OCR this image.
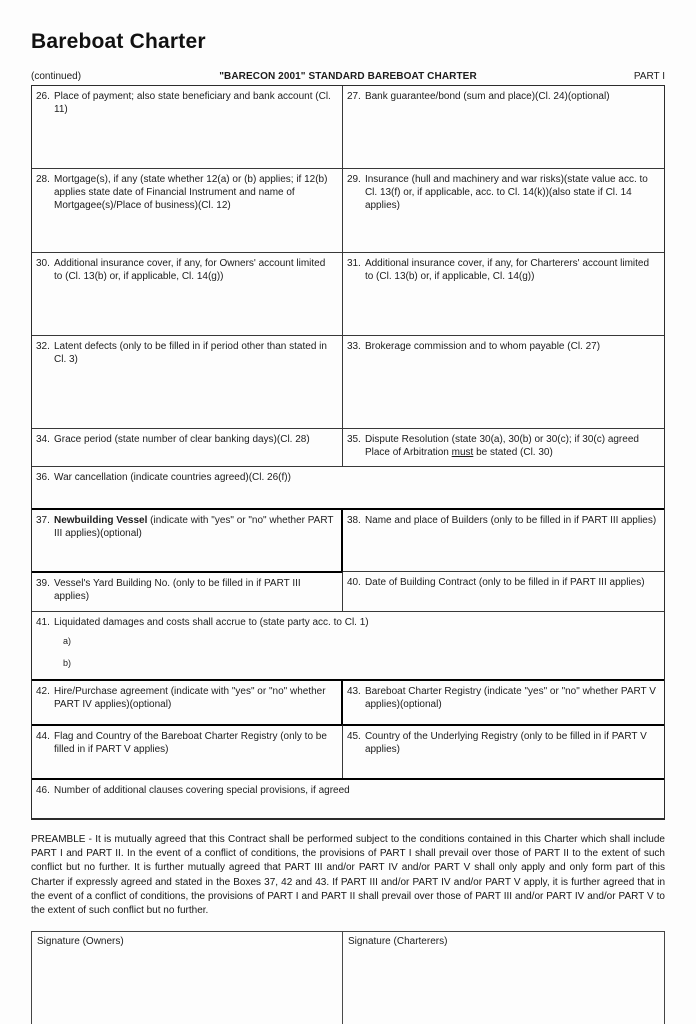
Bareboat Charter
(continued)	"BARECON 2001" STANDARD BAREBOAT CHARTER	PART I
26. Place of payment; also state beneficiary and bank account (Cl. 11)
27. Bank guarantee/bond (sum and place)(Cl. 24)(optional)
28. Mortgage(s), if any (state whether 12(a) or (b) applies; if 12(b) applies state date of Financial Instrument and name of Mortgagee(s)/Place of business)(Cl. 12)
29. Insurance (hull and machinery and war risks)(state value acc. to Cl. 13(f) or, if applicable, acc. to Cl. 14(k))(also state if Cl. 14 applies)
30. Additional insurance cover, if any, for Owners' account limited to (Cl. 13(b) or, if applicable, Cl. 14(g))
31. Additional insurance cover, if any, for Charterers' account limited to (Cl. 13(b) or, if applicable, Cl. 14(g))
32. Latent defects (only to be filled in if period other than stated in Cl. 3)
33. Brokerage commission and to whom payable (Cl. 27)
34. Grace period (state number of clear banking days)(Cl. 28)	35. Dispute Resolution (state 30(a), 30(b) or 30(c); if 30(c) agreed Place of Arbitration must be stated (Cl. 30)
36. War cancellation (indicate countries agreed)(Cl. 26(f))
37. Newbuilding Vessel (indicate with "yes" or "no" whether PART III applies)(optional)
38. Name and place of Builders (only to be filled in if PART III applies)
39. Vessel's Yard Building No. (only to be filled in if PART III applies)
40. Date of Building Contract (only to be filled in if PART III applies)
41. Liquidated damages and costs shall accrue to (state party acc. to Cl. 1)
a)
b)
42. Hire/Purchase agreement (indicate with "yes" or "no" whether PART IV applies)(optional)
43. Bareboat Charter Registry (indicate "yes" or "no" whether PART V applies)(optional)
44. Flag and Country of the Bareboat Charter Registry (only to be filled in if PART V applies)
45. Country of the Underlying Registry (only to be filled in if PART V applies)
46. Number of additional clauses covering special provisions, if agreed
PREAMBLE - It is mutually agreed that this Contract shall be performed subject to the conditions contained in this Charter which shall include PART I and PART II. In the event of a conflict of conditions, the provisions of PART I shall prevail over those of PART II to the extent of such conflict but no further. It is further mutually agreed that PART III and/or PART IV and/or PART V shall only apply and only form part of this Charter if expressly agreed and stated in the Boxes 37, 42 and 43. If PART III and/or PART IV and/or PART V apply, it is further agreed that in the event of a conflict of conditions, the provisions of PART I and PART II shall prevail over those of PART III and/or PART IV and/or PART V to the extent of such conflict but no further.
Signature (Owners)	Signature (Charterers)
